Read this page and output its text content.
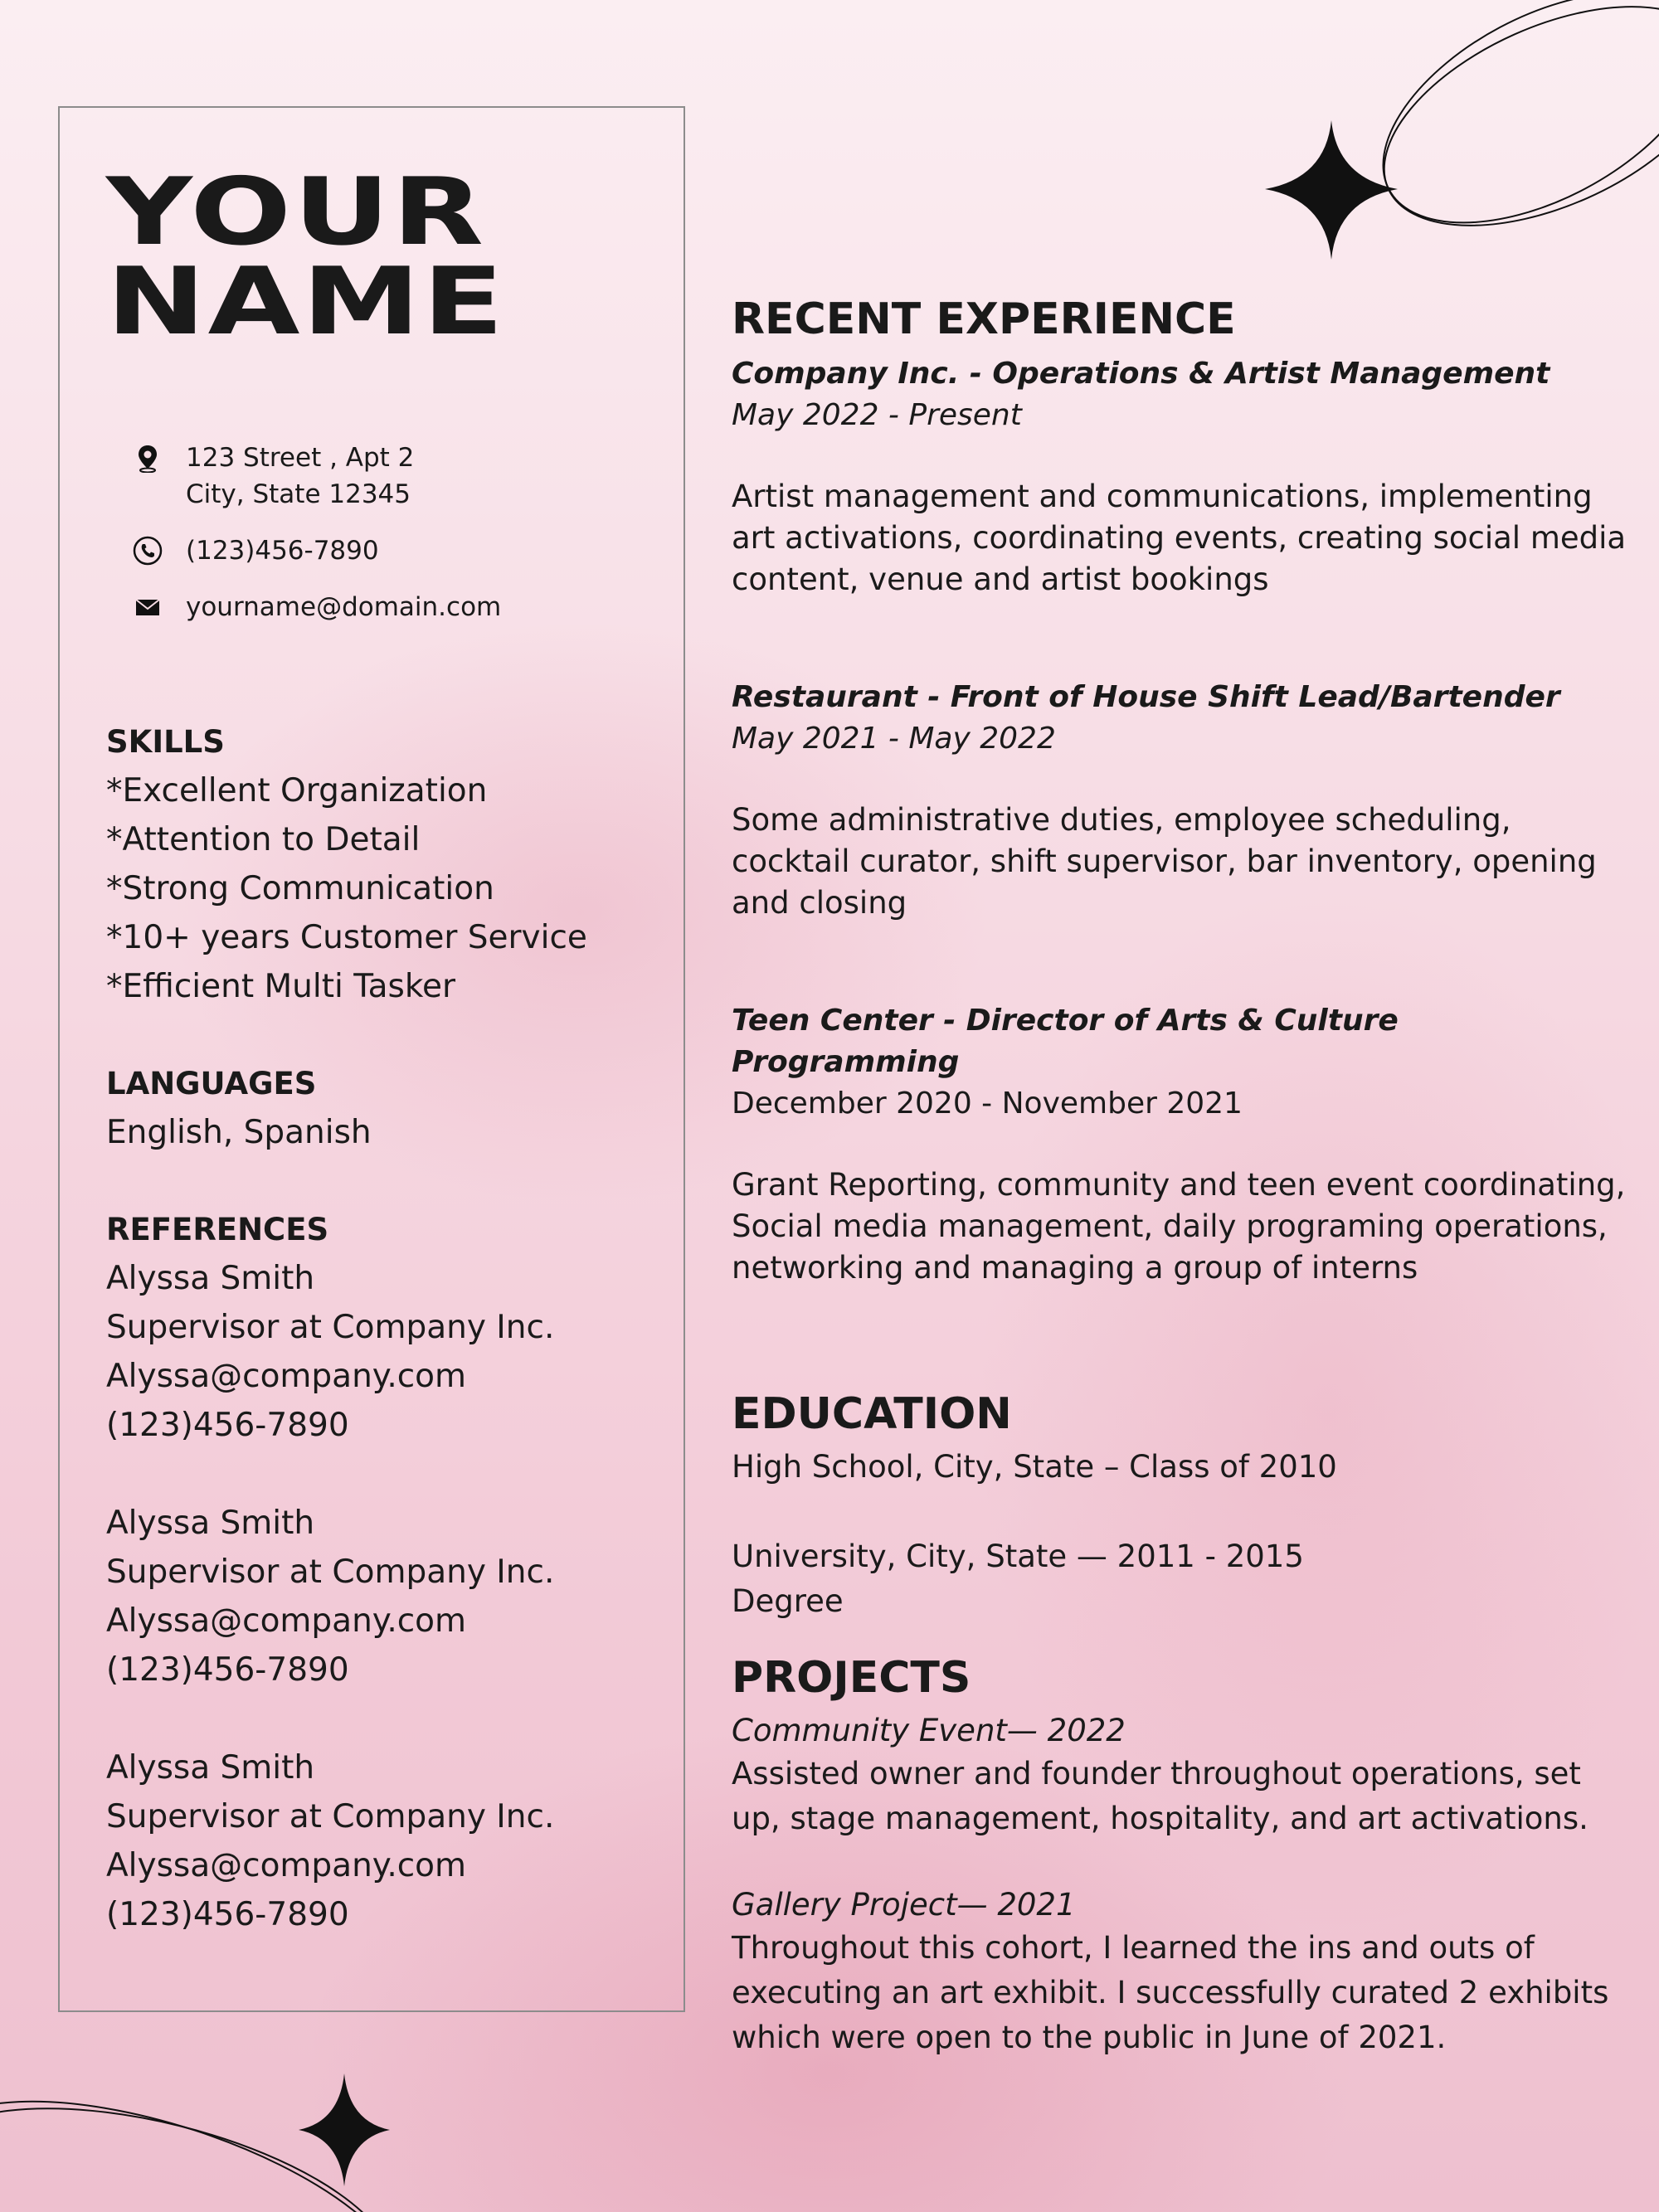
YOUR
NAME
123 Street , Apt 2
City, State 12345
(123)456-7890
yourname@domain.com
SKILLS
*Excellent Organization
*Attention to Detail
*Strong Communication
*10+ years Customer Service
*Efficient Multi Tasker
LANGUAGES
English, Spanish
REFERENCES
Alyssa Smith
Supervisor at Company Inc.
Alyssa@company.com
(123)456-7890
Alyssa Smith
Supervisor at Company Inc.
Alyssa@company.com
(123)456-7890
Alyssa Smith
Supervisor at Company Inc.
Alyssa@company.com
(123)456-7890
RECENT EXPERIENCE
Company Inc. - Operations & Artist Management
May 2022 - Present
Artist management and communications, implementing art activations, coordinating events, creating social media content, venue and artist bookings
Restaurant - Front of House Shift Lead/Bartender
May 2021 - May 2022
Some administrative duties, employee scheduling, cocktail curator, shift supervisor, bar inventory, opening and closing
Teen Center - Director of Arts & Culture Programming
December 2020 - November 2021
Grant Reporting, community and teen event coordinating, Social media management, daily programing operations, networking and managing a group of interns
EDUCATION
High School, City, State – Class of 2010
University, City, State — 2011 - 2015
Degree
PROJECTS
Community Event— 2022
Assisted owner and founder throughout operations, set up, stage management, hospitality, and art activations.
Gallery Project— 2021
Throughout this cohort, I learned the ins and outs of executing an art exhibit. I successfully curated 2 exhibits which were open to the public in June of 2021.
